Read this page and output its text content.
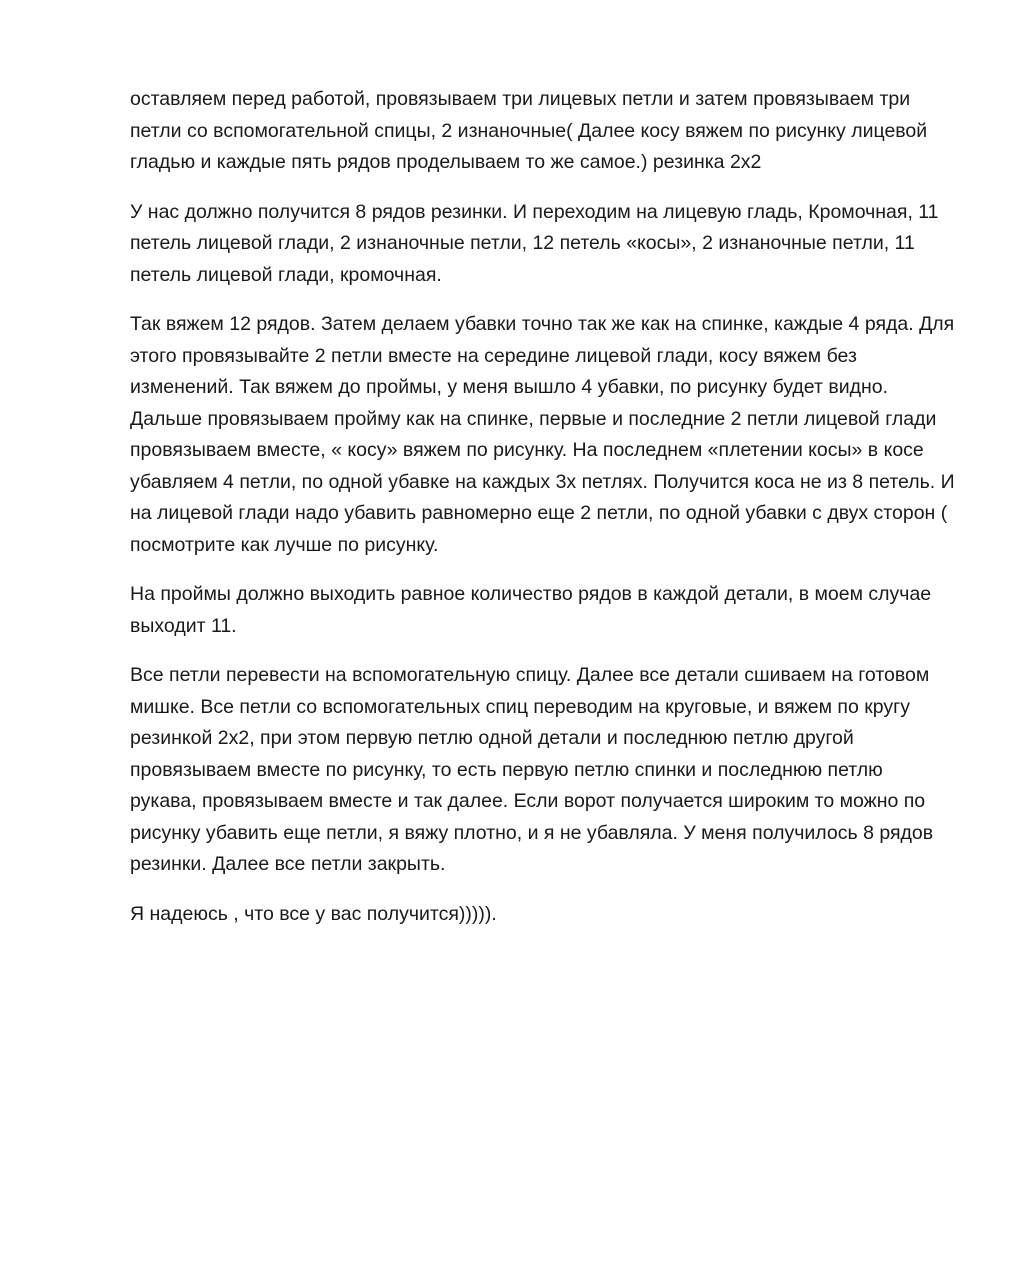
оставляем перед работой, провязываем три лицевых петли и затем провязываем три
петли со вспомогательной спицы, 2 изнаночные( Далее косу вяжем по рисунку лицевой
гладью и каждые пять рядов проделываем то же самое.) резинка 2х2

У нас должно получится 8 рядов резинки. И переходим на лицевую гладь, Кромочная, 11
петель лицевой глади, 2 изнаночные петли, 12 петель «косы», 2 изнаночные петли, 11
петель лицевой глади, кромочная.

Так вяжем 12 рядов. Затем делаем убавки точно так же как на спинке, каждые 4 ряда. Для
этого провязывайте 2 петли вместе на середине лицевой глади, косу вяжем без
изменений. Так вяжем до проймы, у меня вышло 4 убавки, по рисунку будет видно.
Дальше провязываем пройму как на спинке, первые и последние 2 петли лицевой глади
провязываем вместе, « косу» вяжем по рисунку. На последнем «плетении косы» в косе
убавляем 4 петли, по одной убавке на каждых 3х петлях. Получится коса не из 8 петель. И
на лицевой глади надо убавить равномерно еще 2 петли, по одной убавки с двух сторон (
посмотрите как лучше по рисунку.

На проймы должно выходить равное количество рядов в каждой детали, в моем случае
выходит 11.

Все петли перевести на вспомогательную спицу. Далее все детали сшиваем на готовом
мишке. Все петли со вспомогательных спиц переводим на круговые, и вяжем по кругу
резинкой 2х2, при этом первую петлю одной детали и последнюю петлю другой
провязываем вместе по рисунку, то есть первую петлю спинки и последнюю петлю
рукава, провязываем вместе и так далее. Если ворот получается широким то можно по
рисунку убавить еще петли, я вяжу плотно, и я не убавляла. У меня получилось 8 рядов
резинки. Далее все петли закрыть.

Я надеюсь , что все у вас получится))))).
